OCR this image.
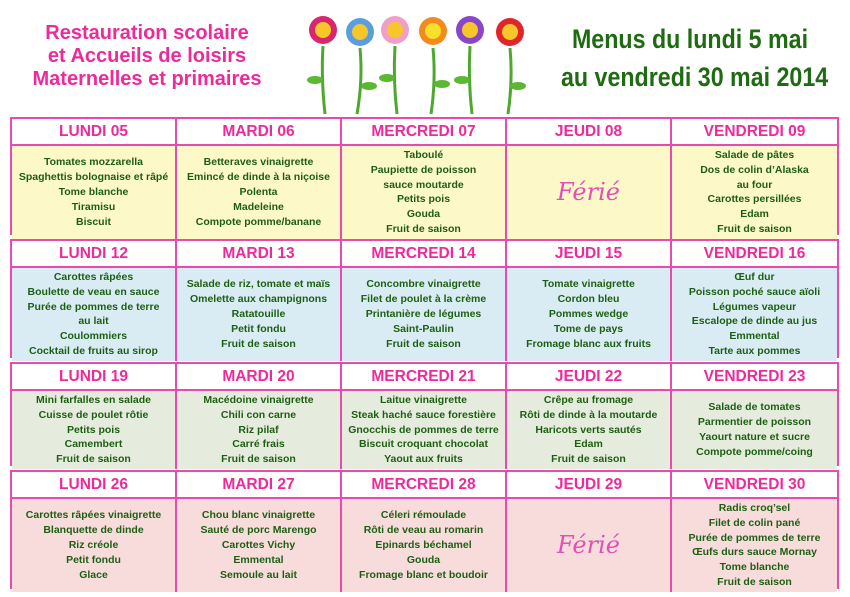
Restauration scolaire
et Accueils de loisirs
Maternelles et primaires
Menus du lundi 5 mai
au vendredi 30 mai 2014
LUNDI 05
Tomates mozzarella
Spaghettis bolognaise et râpé
Tome blanche
Tiramisu
Biscuit
MARDI 06
Betteraves vinaigrette
Emincé de dinde à la niçoise
Polenta
Madeleine
Compote pomme/banane
MERCREDI 07
Taboulé
Paupiette de poisson
sauce moutarde
Petits pois
Gouda
Fruit de saison
JEUDI 08
Férié
VENDREDI 09
Salade de pâtes
Dos de colin d’Alaska
au four
Carottes persillées
Edam
Fruit de saison
LUNDI 12
Carottes râpées
Boulette de veau en sauce
Purée de pommes de terre
au lait
Coulommiers
Cocktail de fruits au sirop
MARDI 13
Salade de riz, tomate et maïs
Omelette aux champignons
Ratatouille
Petit fondu
Fruit de saison
MERCREDI 14
Concombre vinaigrette
Filet de poulet à la crème
Printanière de légumes
Saint-Paulin
Fruit de saison
JEUDI 15
Tomate vinaigrette
Cordon bleu
Pommes wedge
Tome de pays
Fromage blanc aux fruits
VENDREDI 16
Œuf dur
Poisson poché sauce aïoli
Légumes vapeur
Escalope de dinde au jus
Emmental
Tarte aux pommes
LUNDI 19
Mini farfalles en salade
Cuisse de poulet rôtie
Petits pois
Camembert
Fruit de saison
MARDI 20
Macédoine vinaigrette
Chili con carne
Riz pilaf
Carré frais
Fruit de saison
MERCREDI 21
Laitue vinaigrette
Steak haché sauce forestière
Gnocchis de pommes de terre
Biscuit croquant chocolat
Yaout aux fruits
JEUDI 22
Crêpe au fromage
Rôti de dinde à la moutarde
Haricots verts sautés
Edam
Fruit de saison
VENDREDI 23
Salade de tomates
Parmentier de poisson
Yaourt nature et sucre
Compote pomme/coing
LUNDI 26
Carottes râpées vinaigrette
Blanquette de dinde
Riz créole
Petit fondu
Glace
MARDI 27
Chou blanc vinaigrette
Sauté de porc Marengo
Carottes Vichy
Emmental
Semoule au lait
MERCREDI 28
Céleri rémoulade
Rôti de veau au romarin
Epinards béchamel
Gouda
Fromage blanc et boudoir
JEUDI 29
Férié
VENDREDI 30
Radis croq’sel
Filet de colin pané
Purée de pommes de terre
Œufs durs sauce Mornay
Tome blanche
Fruit de saison
